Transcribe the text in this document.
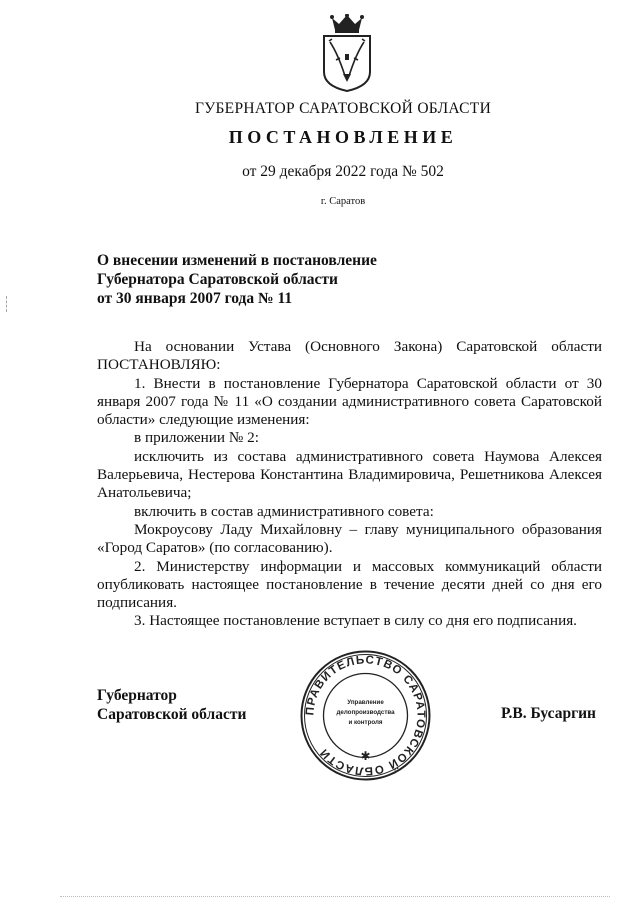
ГУБЕРНАТОР САРАТОВСКОЙ ОБЛАСТИ
ПОСТАНОВЛЕНИЕ
от 29 декабря 2022 года № 502
г. Саратов
О внесении изменений в постановление
Губернатора Саратовской области
от 30 января 2007 года № 11

На основании Устава (Основного Закона) Саратовской области ПОСТАНОВЛЯЮ:

1. Внести в постановление Губернатора Саратовской области от 30 января 2007 года № 11 «О создании административного совета Саратовской области» следующие изменения:

в приложении № 2:

исключить из состава административного совета Наумова Алексея Валерьевича, Нестерова Константина Владимировича, Решетникова Алексея Анатольевича;

включить в состав административного совета:

Мокроусову Ладу Михайловну – главу муниципального образования «Город Саратов» (по согласованию).

2. Министерству информации и массовых коммуникаций области опубликовать настоящее постановление в течение десяти дней со дня его подписания.

3. Настоящее постановление вступает в силу со дня его подписания.

Губернатор
Саратовской области	Р.В. Бусаргин
ПРАВИТЕЛЬСТВО САРАТОВСКОЙ ОБЛАСТИ
Управление
делопроизводства
и контроля
✱
